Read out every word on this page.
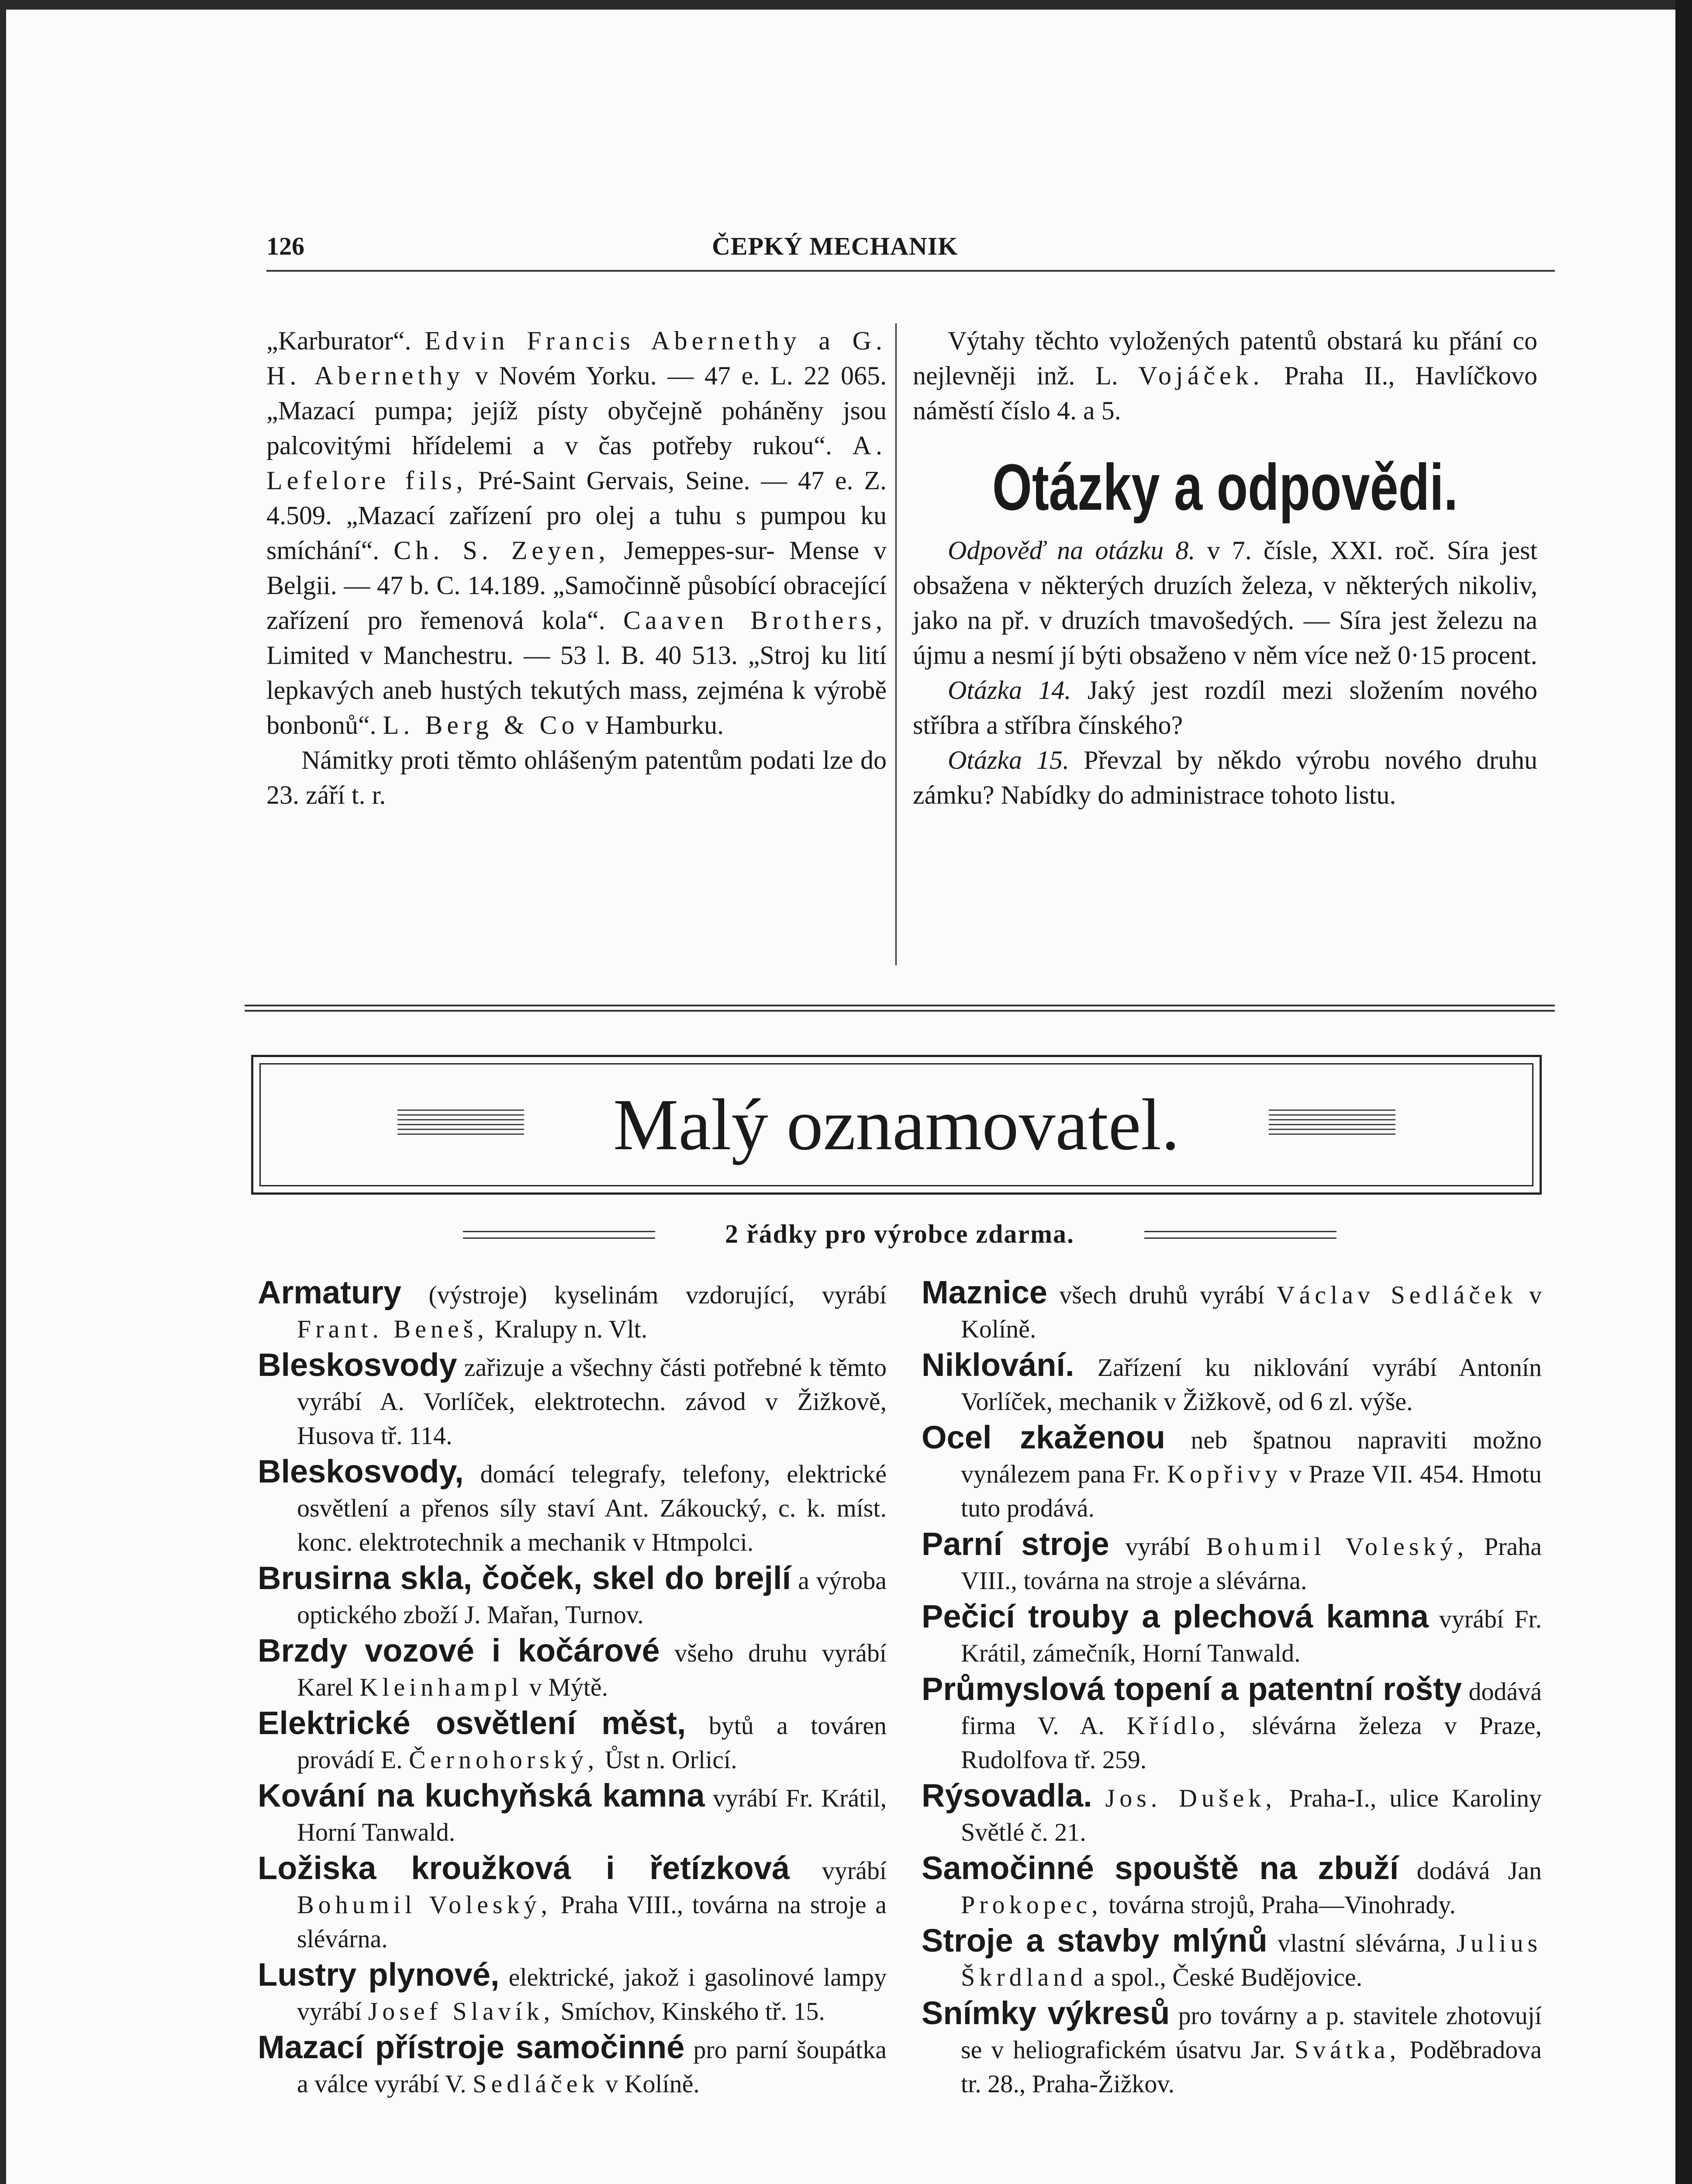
126	ČEPKÝ MECHANIK

„Karburator“. Edvin Francis Abernethy a G. H. Abernethy v Novém Yorku. — 47 e. L. 22 065. „Mazací pumpa; jejíž písty obyčejně poháněny jsou palcovitými hřídelemi a v čas potřeby rukou“. A. Lefelore fils, Pré-Saint Gervais, Seine. — 47 e. Z. 4.509. „Mazací zařízení pro olej a tuhu s pumpou ku smíchání“. Ch. S. Zeyen, Jemeppes-sur- Mense v Belgii. — 47 b. C. 14.189. „Samočinně působící obracející zařízení pro řemenová kola“. Caaven Brothers, Limited v Manchestru. — 53 l. B. 40 513. „Stroj ku lití lepkavých aneb hustých tekutých mass, zejména k výrobě bonbonů“. L. Berg & Co v Hamburku.

Námitky proti těmto ohlášeným patentům podati lze do 23. září t. r.

Výtahy těchto vyložených patentů obstará ku přání co nejlevněji inž. L. Vojáček. Praha II., Havlíčkovo náměstí číslo 4. a 5.

Otázky a odpovědi.

Odpověď na otázku 8. v 7. čísle, XXI. roč. Síra jest obsažena v některých druzích železa, v některých nikoliv, jako na př. v druzích tmavošedých. — Síra jest železu na újmu a nesmí jí býti obsaženo v něm více než 0·15 procent.

Otázka 14. Jaký jest rozdíl mezi složením nového stříbra a stříbra čínského?

Otázka 15. Převzal by někdo výrobu nového druhu zámku? Nabídky do administrace tohoto listu.

Malý oznamovatel.
2 řádky pro výrobce zdarma.

Armatury (výstroje) kyselinám vzdorující, vyrábí Frant. Beneš, Kralupy n. Vlt.

Bleskosvody zařizuje a všechny části potřebné k těmto vyrábí A. Vorlíček, elektrotechn. závod v Žižkově, Husova tř. 114.

Bleskosvody, domácí telegrafy, telefony, elektrické osvětlení a přenos síly staví Ant. Zákoucký, c. k. míst. konc. elektrotechnik a mechanik v Htmpolci.

Brusirna skla, čoček, skel do brejlí a výroba optického zboží J. Mařan, Turnov.

Brzdy vozové i kočárové všeho druhu vyrábí Karel Kleinhampl v Mýtě.

Elektrické osvětlení měst, bytů a továren provádí E. Černohorský, Ůst n. Orlicí.

Kování na kuchyňská kamna vyrábí Fr. Krátil, Horní Tanwald.

Ložiska kroužková i řetízková vyrábí Bohumil Voleský, Praha VIII., továrna na stroje a slévárna.

Lustry plynové, elektrické, jakož i gasolinové lampy vyrábí Josef Slavík, Smíchov, Kinského tř. 15.

Mazací přístroje samočinné pro parní šoupátka a válce vyrábí V. Sedláček v Kolíně.

Maznice všech druhů vyrábí Václav Sedláček v Kolíně.

Niklování. Zařízení ku niklování vyrábí Antonín Vorlíček, mechanik v Žižkově, od 6 zl. výše.

Ocel zkaženou neb špatnou napraviti možno vynálezem pana Fr. Kopřivy v Praze VII. 454. Hmotu tuto prodává.

Parní stroje vyrábí Bohumil Voleský, Praha VIII., továrna na stroje a slévárna.

Pečicí trouby a plechová kamna vyrábí Fr. Krátil, zámečník, Horní Tanwald.

Průmyslová topení a patentní rošty dodává firma V. A. Křídlo, slévárna železa v Praze, Rudolfova tř. 259.

Rýsovadla. Jos. Dušek, Praha-I., ulice Karoliny Světlé č. 21.

Samočinné spouště na zbuží dodává Jan Prokopec, továrna strojů, Praha—Vinohrady.

Stroje a stavby mlýnů vlastní slévárna, Julius Škrdland a spol., České Budějovice.

Snímky výkresů pro továrny a p. stavitele zhotovují se v heliografickém úsatvu Jar. Svátka, Poděbradova tr. 28., Praha-Žižkov.
